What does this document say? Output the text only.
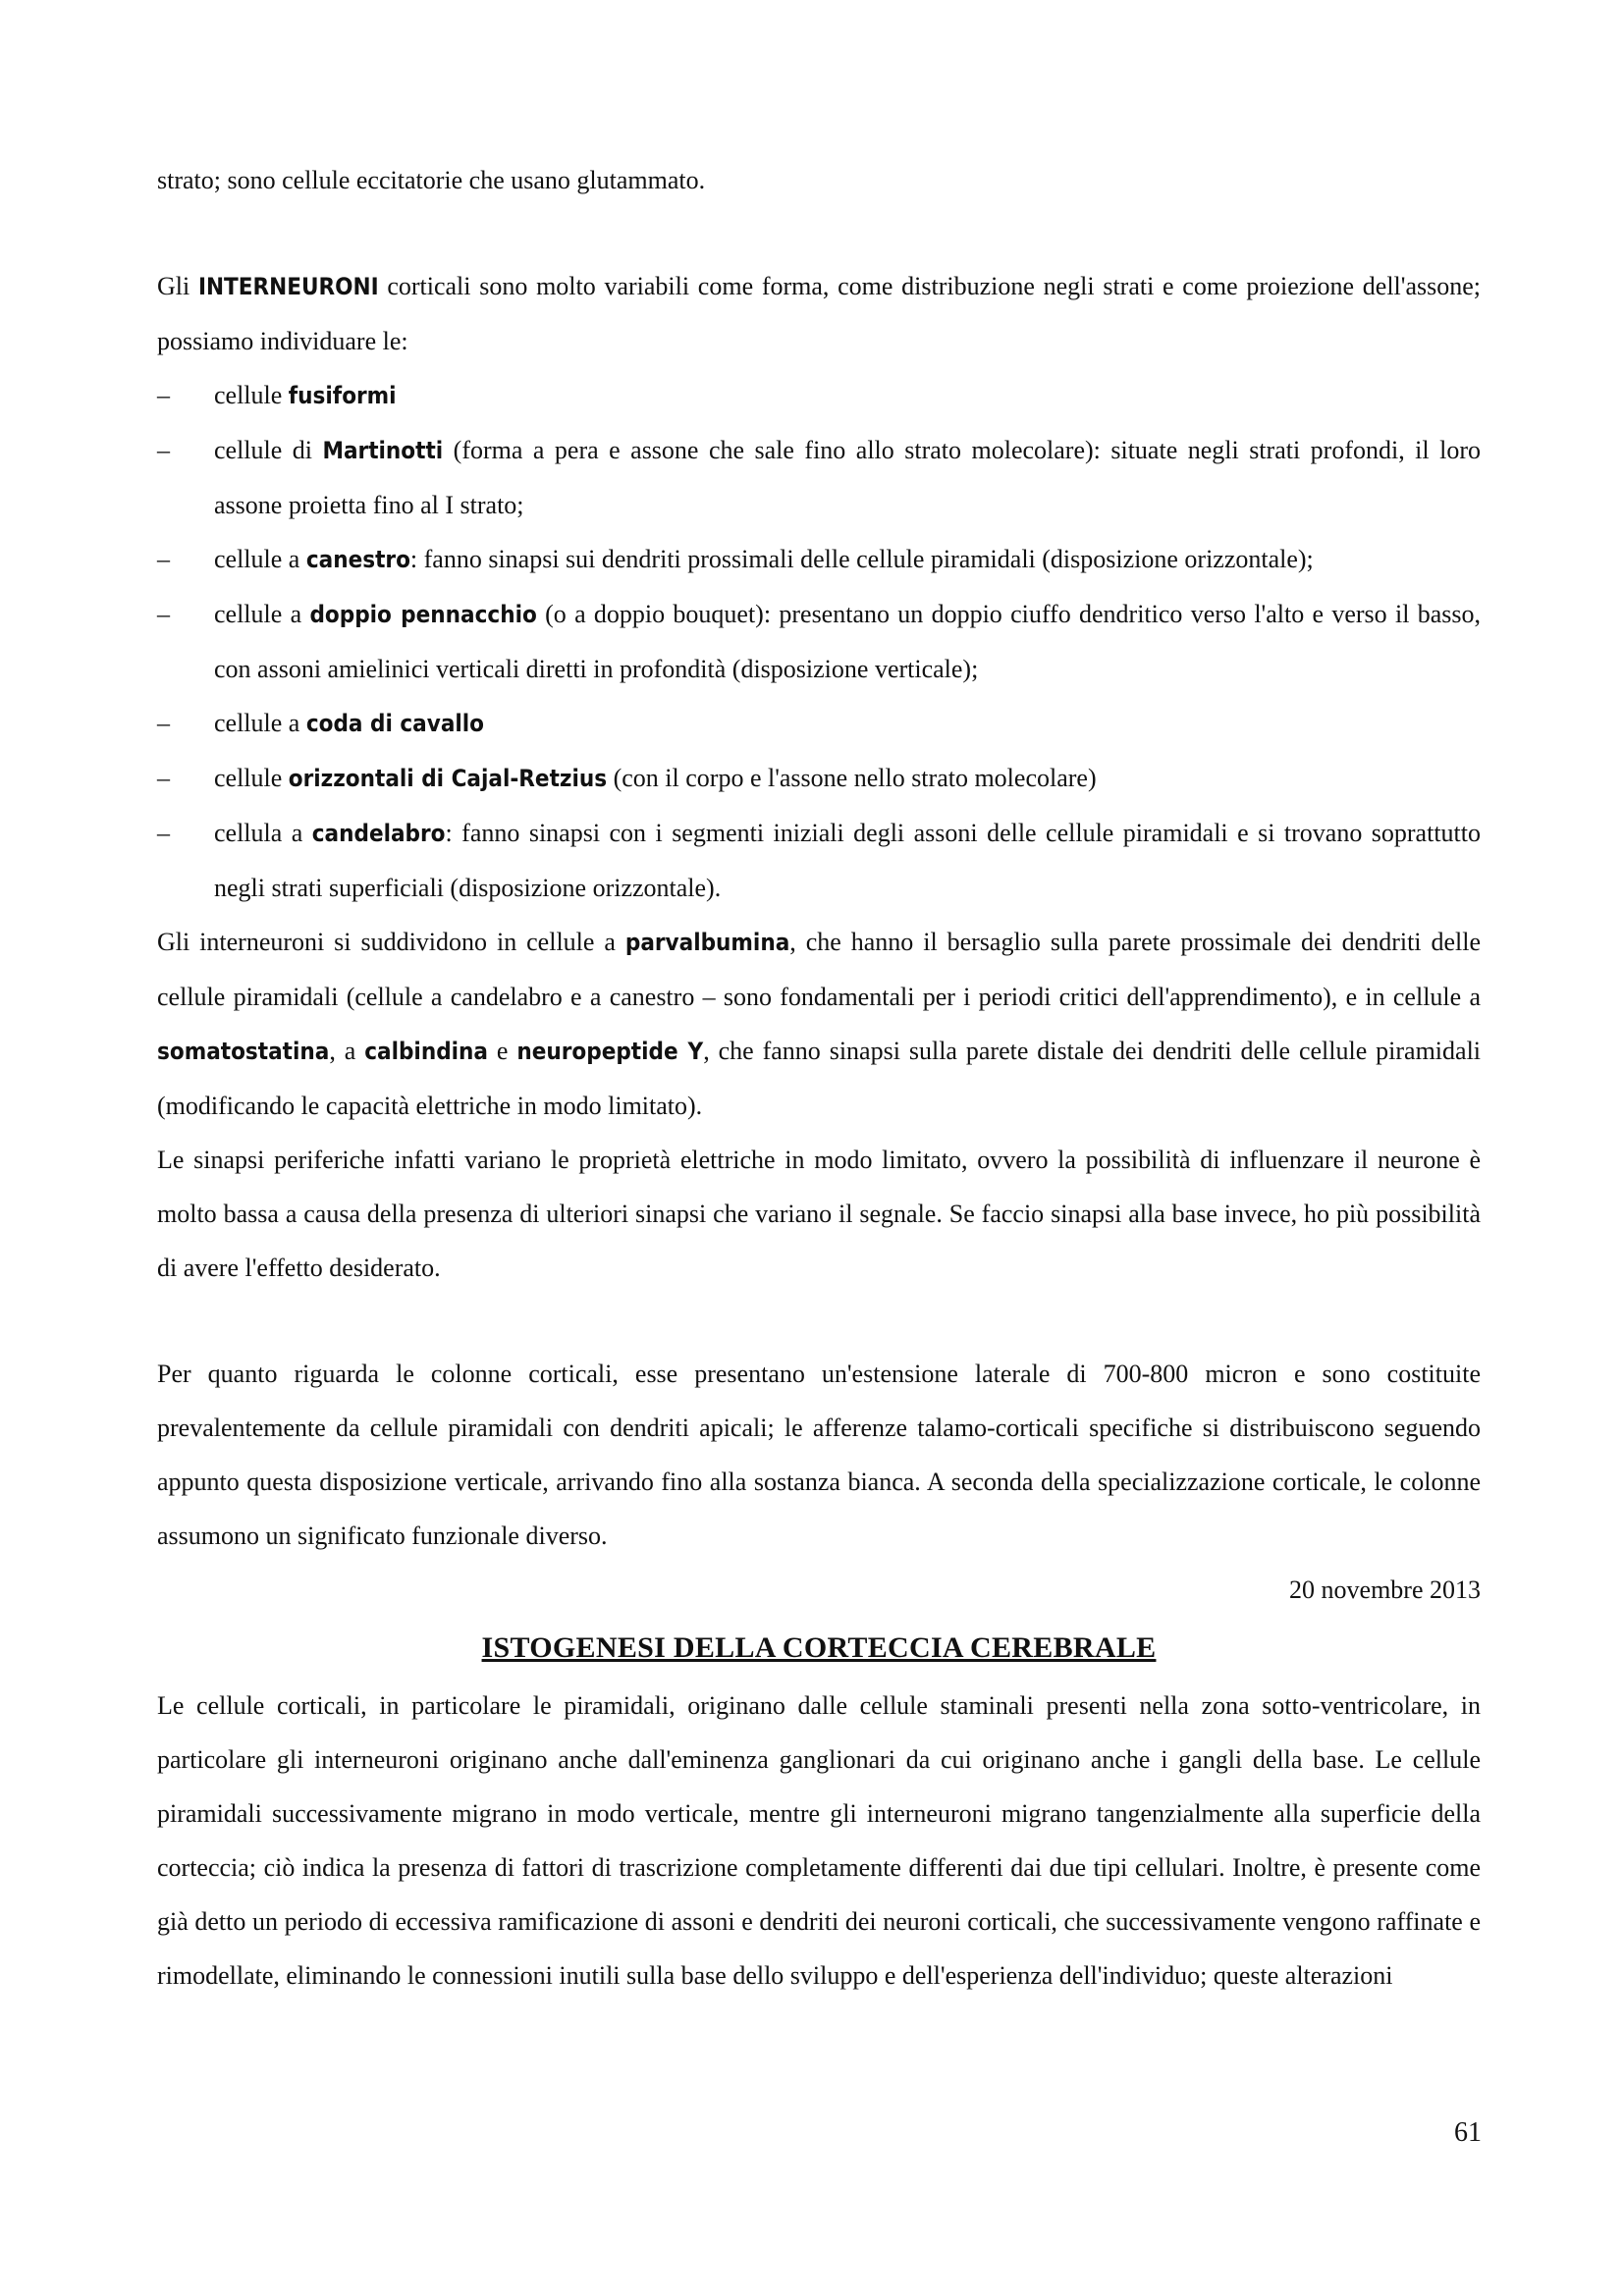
strato; sono cellule eccitatorie che usano glutammato.

Gli INTERNEURONI corticali sono molto variabili come forma, come distribuzione negli strati e come proiezione dell'assone; possiamo individuare le:

– cellule fusiformi
– cellule di Martinotti (forma a pera e assone che sale fino allo strato molecolare): situate negli strati profondi, il loro assone proietta fino al I strato;
– cellule a canestro: fanno sinapsi sui dendriti prossimali delle cellule piramidali (disposizione orizzontale);
– cellule a doppio pennacchio (o a doppio bouquet): presentano un doppio ciuffo dendritico verso l'alto e verso il basso, con assoni amielinici verticali diretti in profondità (disposizione verticale);
– cellule a coda di cavallo
– cellule orizzontali di Cajal-Retzius (con il corpo e l'assone nello strato molecolare)
– cellula a candelabro: fanno sinapsi con i segmenti iniziali degli assoni delle cellule piramidali e si trovano soprattutto negli strati superficiali (disposizione orizzontale).

Gli interneuroni si suddividono in cellule a parvalbumina, che hanno il bersaglio sulla parete prossimale dei dendriti delle cellule piramidali (cellule a candelabro e a canestro – sono fondamentali per i periodi critici dell'apprendimento), e in cellule a somatostatina, a calbindina e neuropeptide Y, che fanno sinapsi sulla parete distale dei dendriti delle cellule piramidali (modificando le capacità elettriche in modo limitato).

Le sinapsi periferiche infatti variano le proprietà elettriche in modo limitato, ovvero la possibilità di influenzare il neurone è molto bassa a causa della presenza di ulteriori sinapsi che variano il segnale. Se faccio sinapsi alla base invece, ho più possibilità di avere l'effetto desiderato.

Per quanto riguarda le colonne corticali, esse presentano un'estensione laterale di 700-800 micron e sono costituite prevalentemente da cellule piramidali con dendriti apicali; le afferenze talamo-corticali specifiche si distribuiscono seguendo appunto questa disposizione verticale, arrivando fino alla sostanza bianca. A seconda della specializzazione corticale, le colonne assumono un significato funzionale diverso.

20 novembre 2013

ISTOGENESI DELLA CORTECCIA CEREBRALE

Le cellule corticali, in particolare le piramidali, originano dalle cellule staminali presenti nella zona sotto-ventricolare, in particolare gli interneuroni originano anche dall'eminenza ganglionari da cui originano anche i gangli della base. Le cellule piramidali successivamente migrano in modo verticale, mentre gli interneuroni migrano tangenzialmente alla superficie della corteccia; ciò indica la presenza di fattori di trascrizione completamente differenti dai due tipi cellulari. Inoltre, è presente come già detto un periodo di eccessiva ramificazione di assoni e dendriti dei neuroni corticali, che successivamente vengono raffinate e rimodellate, eliminando le connessioni inutili sulla base dello sviluppo e dell'esperienza dell'individuo; queste alterazioni

61
